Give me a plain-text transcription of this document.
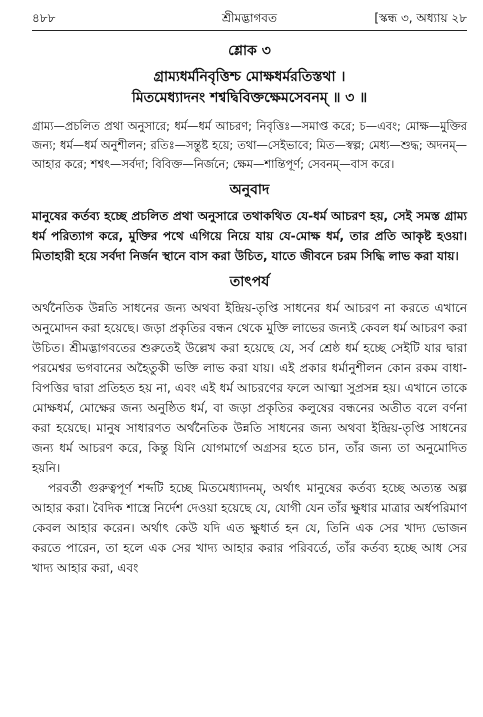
৪৮৮	শ্রীমদ্ভাগবত	[স্কন্ধ ৩, অধ্যায় ২৮
শ্লোক ৩
গ্রাম্যধর্মনিবৃত্তিশ্চ মোক্ষধর্মরতিস্তথা ।
মিতমেধ্যাদনং শশ্বদ্বিবিক্তক্ষেমসেবনম্ ॥ ৩ ॥
গ্রাম্য—প্রচলিত প্রথা অনুসারে; ধর্ম—ধর্ম আচরণ; নিবৃত্তিঃ—সমাপ্ত করে; চ—এবং; মোক্ষ—মুক্তির জন্য; ধর্ম—ধর্ম অনুশীলন; রতিঃ—সন্তুষ্ট হয়ে; তথা—সেইভাবে; মিত—স্বল্প; মেধ্য—শুদ্ধ; অদনম্—আহার করে; শশ্বৎ—সর্বদা; বিবিক্ত—নির্জনে; ক্ষেম—শান্তিপূর্ণ; সেবনম্—বাস করে।
অনুবাদ
মানুষের কর্তব্য হচ্ছে প্রচলিত প্রথা অনুসারে তথাকথিত যে-ধর্ম আচরণ হয়, সেই সমস্ত গ্রাম্য ধর্ম পরিত্যাগ করে, মুক্তির পথে এগিয়ে নিয়ে যায় যে-মোক্ষ ধর্ম, তার প্রতি আকৃষ্ট হওয়া। মিতাহারী হয়ে সর্বদা নির্জন স্থানে বাস করা উচিত, যাতে জীবনে চরম সিদ্ধি লাভ করা যায়।
তাৎপর্য

অর্থনৈতিক উন্নতি সাধনের জন্য অথবা ইন্দ্রিয়-তৃপ্তি সাধনের ধর্ম আচরণ না করতে এখানে অনুমোদন করা হয়েছে। জড়া প্রকৃতির বন্ধন থেকে মুক্তি লাভের জন্যই কেবল ধর্ম আচরণ করা উচিত। শ্রীমদ্ভাগবতের শুরুতেই উল্লেখ করা হয়েছে যে, সর্ব শ্রেষ্ঠ ধর্ম হচ্ছে সেইটি যার দ্বারা পরমেশ্বর ভগবানের অহৈতুকী ভক্তি লাভ করা যায়। এই প্রকার ধর্মানুশীলন কোন রকম বাধা-বিপত্তির দ্বারা প্রতিহত হয় না, এবং এই ধর্ম আচরণের ফলে আত্মা সুপ্রসন্ন হয়। এখানে তাকে মোক্ষধর্ম, মোক্ষের জন্য অনুষ্ঠিত ধর্ম, বা জড়া প্রকৃতির কলুষের বন্ধনের অতীত বলে বর্ণনা করা হয়েছে। মানুষ সাধারণত অর্থনৈতিক উন্নতি সাধনের জন্য অথবা ইন্দ্রিয়-তৃপ্তি সাধনের জন্য ধর্ম আচরণ করে, কিন্তু যিনি যোগমার্গে অগ্রসর হতে চান, তাঁর জন্য তা অনুমোদিত হয়নি।

পরবর্তী গুরুত্বপূর্ণ শব্দটি হচ্ছে মিতমেধ্যাদনম্, অর্থাৎ মানুষের কর্তব্য হচ্ছে অত্যন্ত অল্প আহার করা। বৈদিক শাস্ত্রে নির্দেশ দেওয়া হয়েছে যে, যোগী যেন তাঁর ক্ষুধার মাত্রার অর্ধপরিমাণ কেবল আহার করেন। অর্থাৎ কেউ যদি এত ক্ষুধার্ত হন যে, তিনি এক সের খাদ্য ভোজন করতে পারেন, তা হলে এক সের খাদ্য আহার করার পরিবর্তে, তাঁর কর্তব্য হচ্ছে আধ সের খাদ্য আহার করা, এবং
